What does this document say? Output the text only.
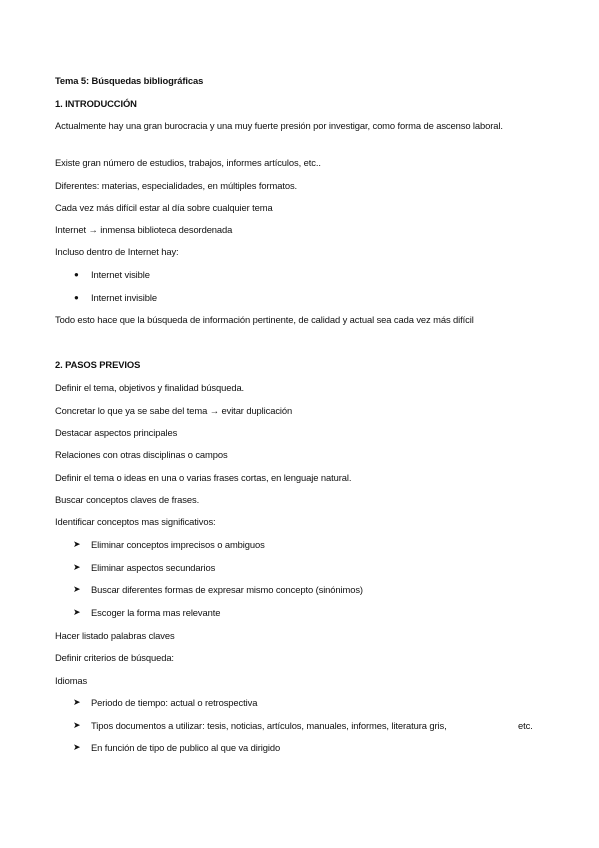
Tema 5: Búsquedas bibliográficas
1. INTRODUCCIÓN
Actualmente hay una gran burocracia y una muy fuerte presión por investigar, como forma de ascenso laboral.
Existe gran número de estudios, trabajos, informes artículos, etc..
Diferentes: materias, especialidades, en múltiples formatos.
Cada vez más difícil estar al día sobre cualquier tema
Internet → inmensa biblioteca desordenada
Incluso dentro de Internet hay:
● Internet visible
● Internet invisible
Todo esto hace que la búsqueda de información pertinente, de calidad y actual sea cada vez más difícil
2. PASOS PREVIOS
Definir el tema, objetivos y finalidad búsqueda.
Concretar lo que ya se sabe del tema → evitar duplicación
Destacar aspectos principales
Relaciones con otras disciplinas o campos
Definir el tema o ideas en una o varias frases cortas, en lenguaje natural.
Buscar conceptos claves de frases.
Identificar conceptos mas significativos:
➤ Eliminar conceptos imprecisos o ambiguos
➤ Eliminar aspectos secundarios
➤ Buscar diferentes formas de expresar mismo concepto (sinónimos)
➤ Escoger la forma mas relevante
Hacer listado palabras claves
Definir criterios de búsqueda:
Idiomas
➤ Periodo de tiempo: actual o retrospectiva
➤ Tipos documentos a utilizar: tesis, noticias, artículos, manuales, informes, literatura gris,	etc.
➤ En función de tipo de publico al que va dirigido
